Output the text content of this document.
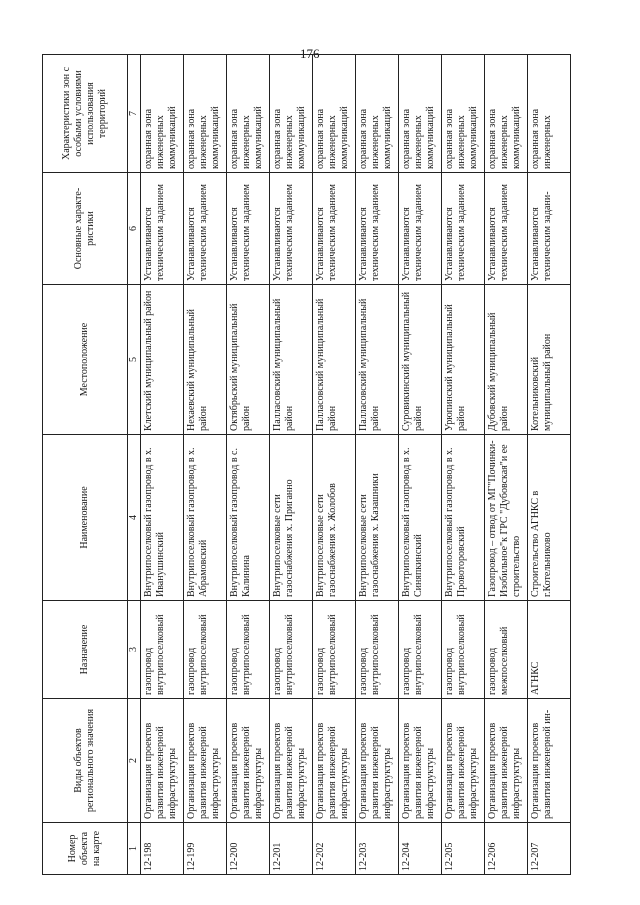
176
Номер объекта на карте	Виды объектов регионального значения	Назначение	Наименование	Местоположение	Основные характе-ристики	Характеристики зон с особыми условиями использования территорий
1	2	3	4	5	6	7
12-198	Организация проектов развития инженерной инфраструктуры	газопровод внутрипоселковый	Внутрипоселковый газопровод в х. Иванушинский	Клетский муниципальный район	Устанавливаются техническим заданием	охранная зона инженерных коммуникаций
12-199	Организация проектов развития инженерной инфраструктуры	газопровод внутрипоселковый	Внутрипоселковый газопровод в х. Абрамовский	Нехаевский муниципальный район	Устанавливаются техническим заданием	охранная зона инженерных коммуникаций
12-200	Организация проектов развития инженерной инфраструктуры	газопровод внутрипоселковый	Внутрипоселковый газопровод в с. Калинина	Октябрьский муниципальный район	Устанавливаются техническим заданием	охранная зона инженерных коммуникаций
12-201	Организация проектов развития инженерной инфраструктуры	газопровод внутрипоселковый	Внутрипоселковые сети газоснабжения х. Приганно	Палласовский муниципальный район	Устанавливаются техническим заданием	охранная зона инженерных коммуникаций
12-202	Организация проектов развития инженерной инфраструктуры	газопровод внутрипоселковый	Внутрипоселковые сети газоснабжения х. Жолобов	Палласовский муниципальный район	Устанавливаются техническим заданием	охранная зона инженерных коммуникаций
12-203	Организация проектов развития инженерной инфраструктуры	газопровод внутрипоселковый	Внутрипоселковые сети газоснабжения х. Казашники	Палласовский муниципальный район	Устанавливаются техническим заданием	охранная зона инженерных коммуникаций
12-204	Организация проектов развития инженерной инфраструктуры	газопровод внутрипоселковый	Внутрипоселковый газопровод в х. Синяпкинский	Суровикинский муниципальный район	Устанавливаются техническим заданием	охранная зона инженерных коммуникаций
12-205	Организация проектов развития инженерной инфраструктуры	газопровод внутрипоселковый	Внутрипоселковый газопровод в х. Провоторовский	Урюпинский муниципальный район	Устанавливаются техническим заданием	охранная зона инженерных коммуникаций
12-206	Организация проектов развития инженерной инфраструктуры	газопровод межпоселковый	Газопровод – отвод от МГ"Починки-Изобильное"к ГРС "Дубовская"и ее строительство	Дубовский муниципальный район	Устанавливаются техническим заданием	охранная зона инженерных коммуникаций
12-207	Организация проектов развития инженерной ин-	АГНКС	Строительство АГНКС в г.Котельниково	Котельниковский муниципальный район	Устанавливаются техническим задани-	охранная зона инженерных
